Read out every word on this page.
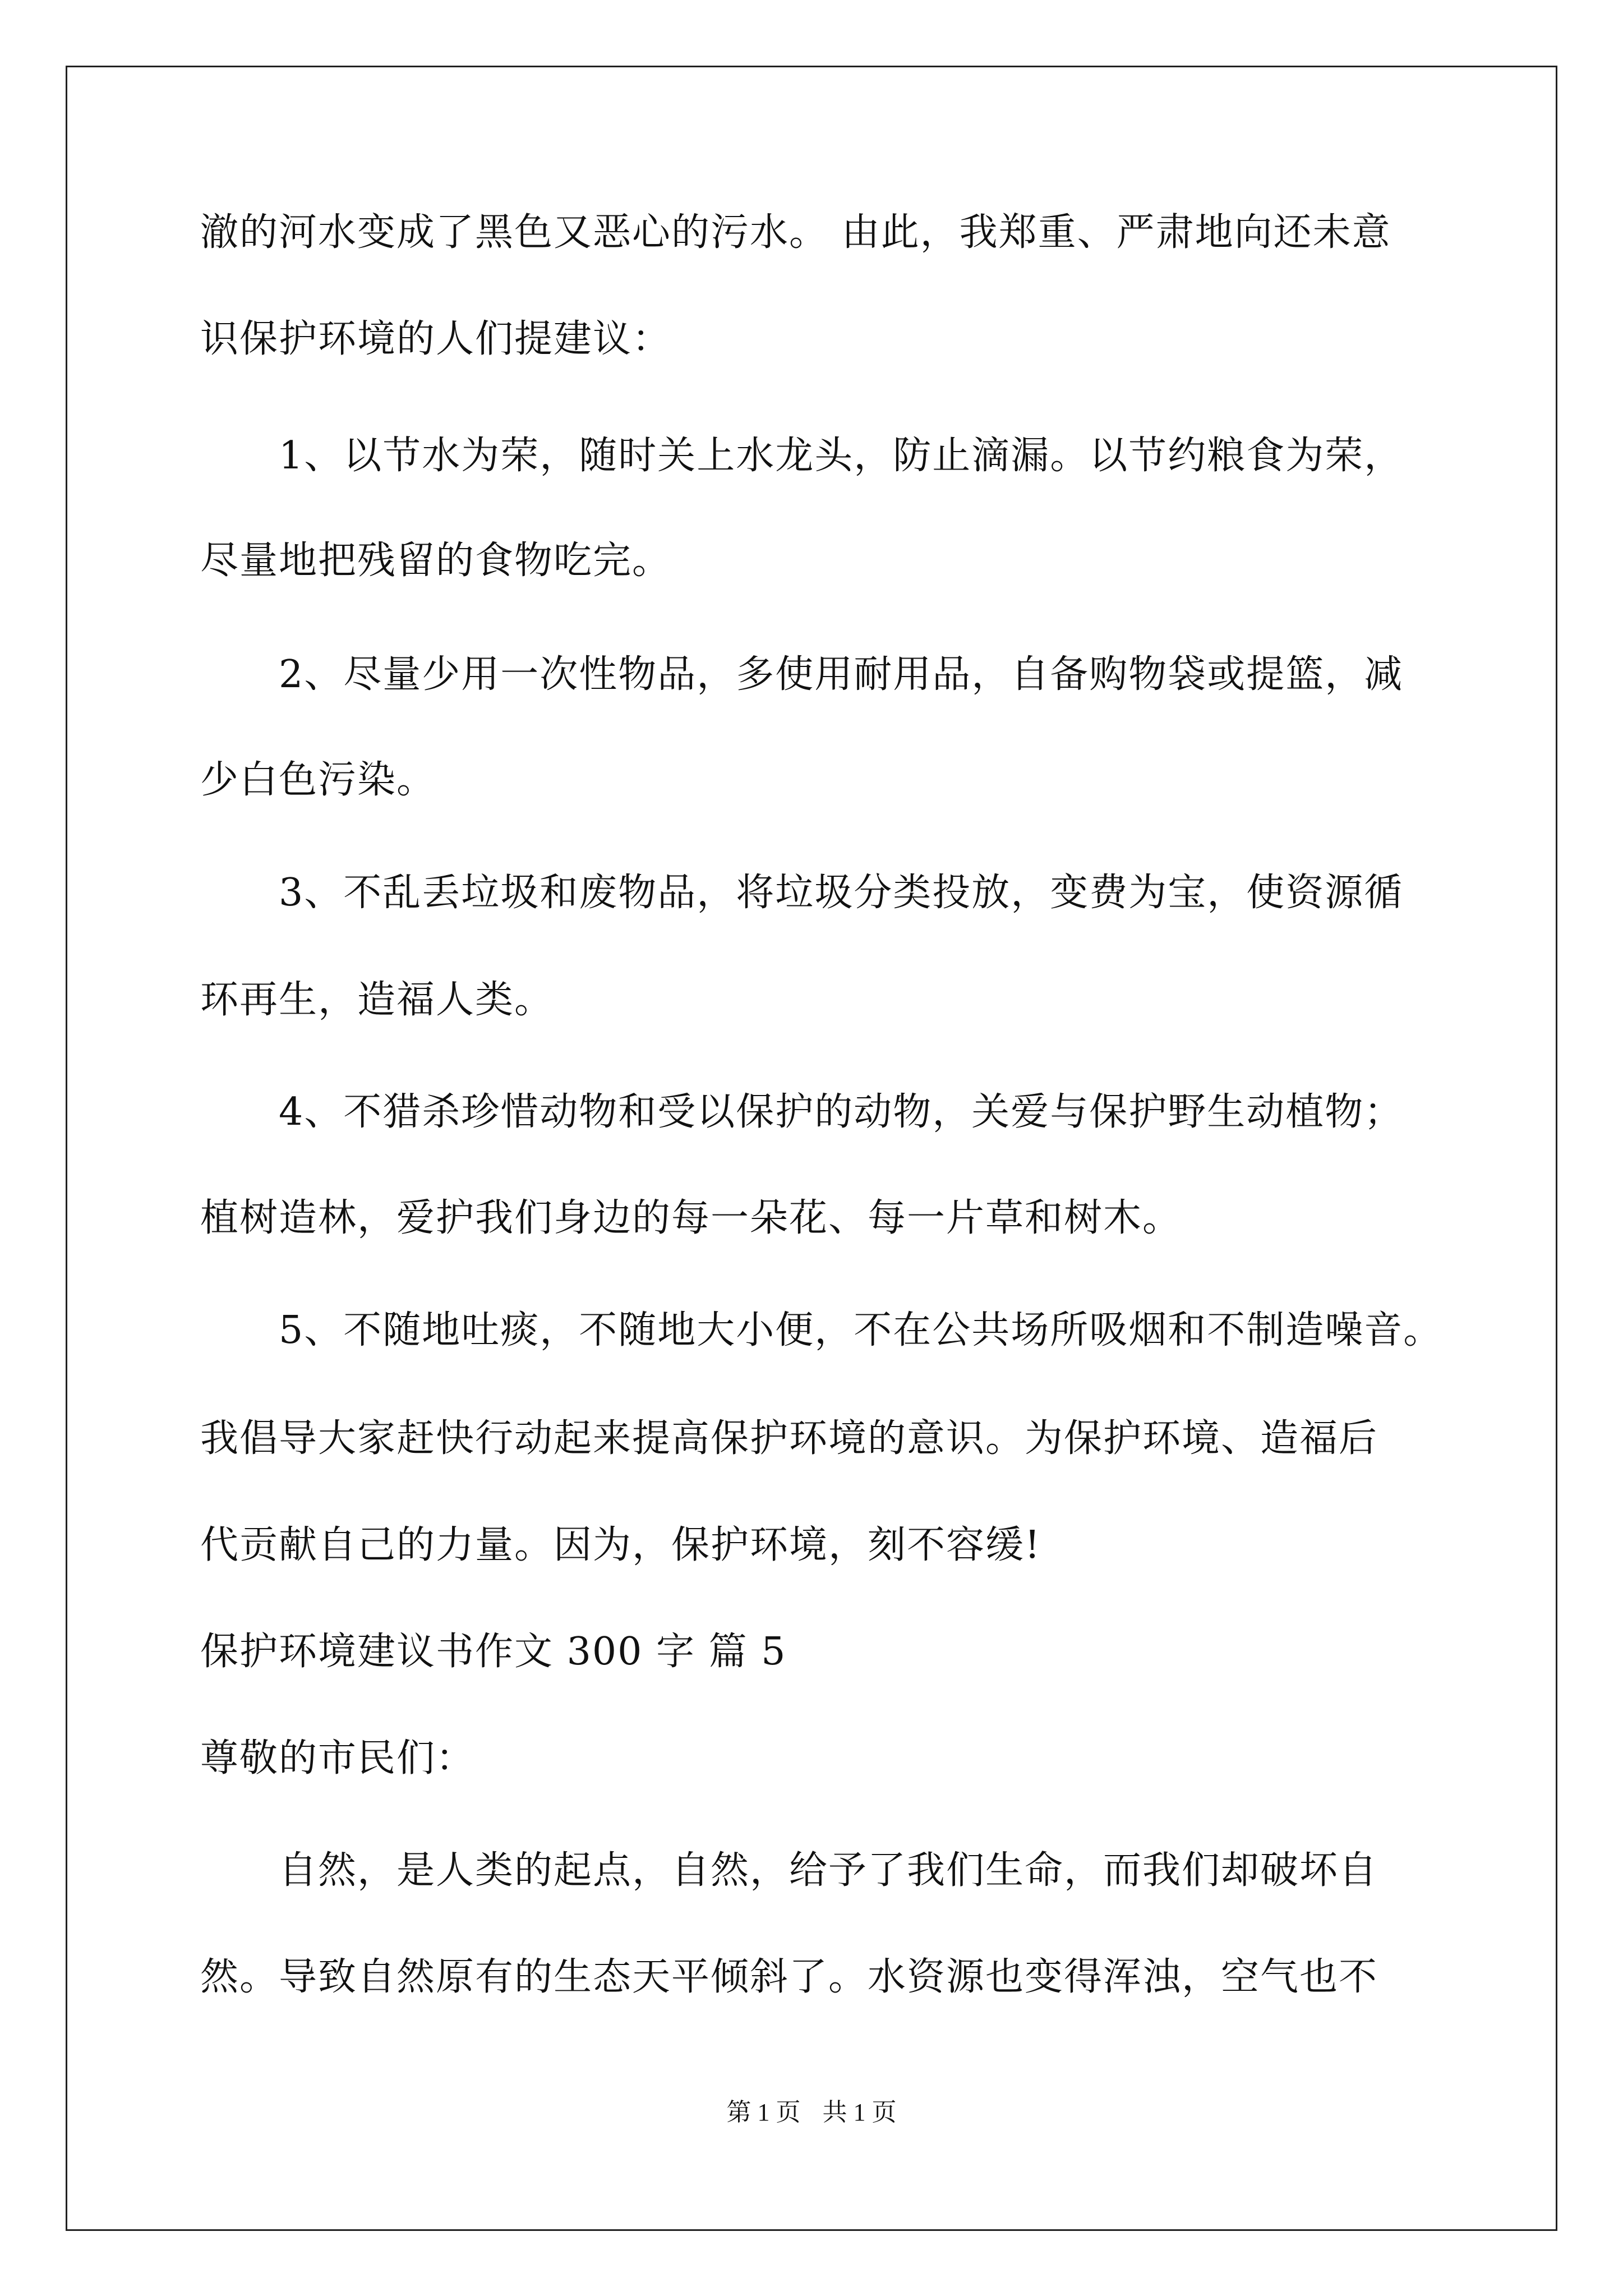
澈的河水变成了黑色又恶心的污水。 由此，我郑重、严肃地向还未意
识保护环境的人们提建议：
　　1、以节水为荣，随时关上水龙头，防止滴漏。以节约粮食为荣，
尽量地把残留的食物吃完。
　　2、尽量少用一次性物品，多使用耐用品，自备购物袋或提篮，减
少白色污染。
　　3、不乱丢垃圾和废物品，将垃圾分类投放，变费为宝，使资源循
环再生，造福人类。
　　4、不猎杀珍惜动物和受以保护的动物，关爱与保护野生动植物；
植树造林，爱护我们身边的每一朵花、每一片草和树木。
　　5、不随地吐痰，不随地大小便，不在公共场所吸烟和不制造噪音。
我倡导大家赶快行动起来提高保护环境的意识。为保护环境、造福后
代贡献自己的力量。因为，保护环境，刻不容缓!
保护环境建议书作文 300 字 篇 5
尊敬的市民们：
　　自然，是人类的起点，自然，给予了我们生命，而我们却破坏自
然。导致自然原有的生态天平倾斜了。水资源也变得浑浊，空气也不
第 1 页 共 1 页
